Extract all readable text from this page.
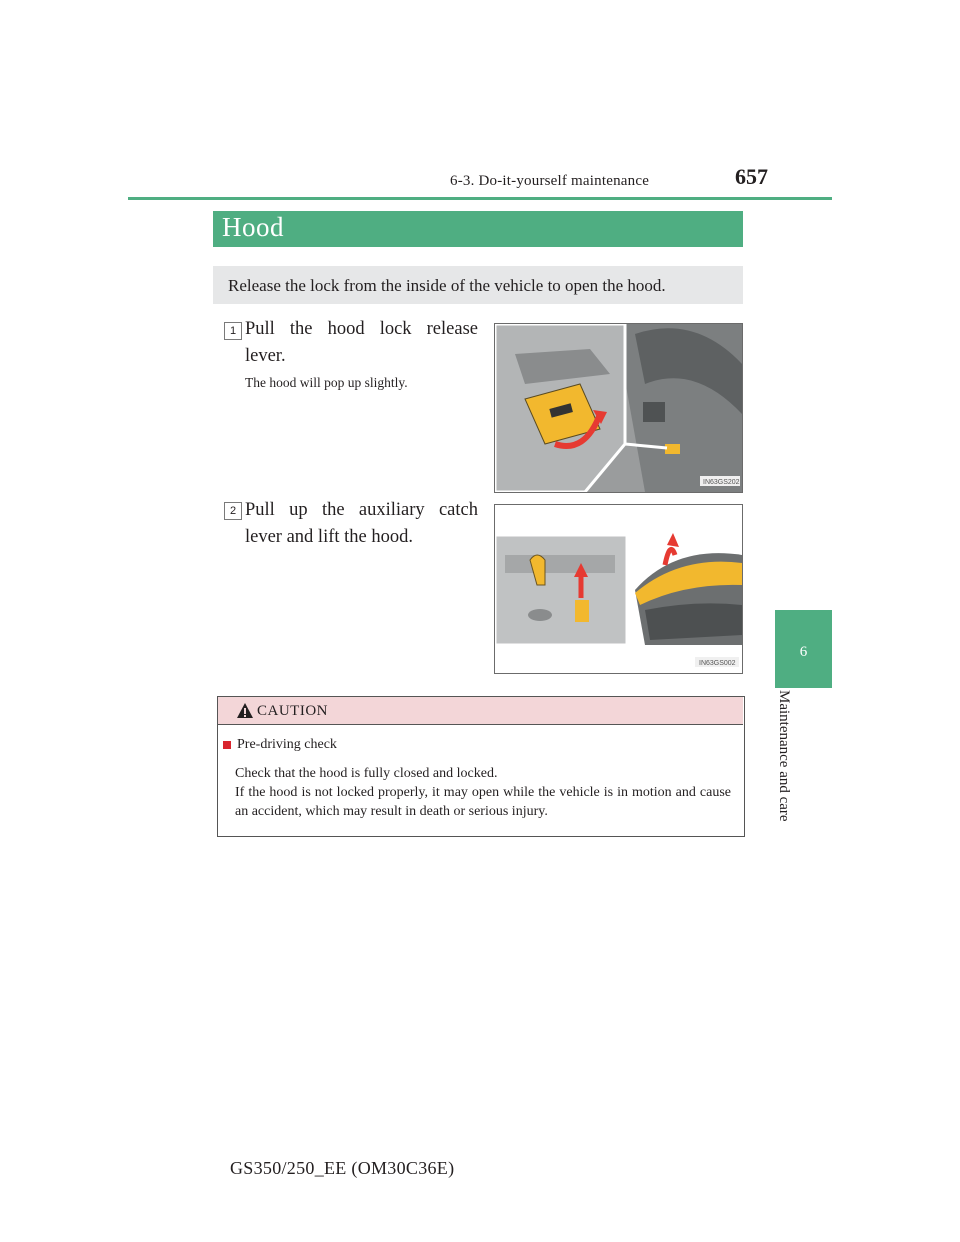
6-3. Do-it-yourself maintenance	657
6
Maintenance and care
Hood
Release the lock from the inside of the vehicle to open the hood.
1 Pull the hood lock release lever.
The hood will pop up slightly.
IN63GS202
2 Pull up the auxiliary catch lever and lift the hood.
IN63GS002
CAUTION
Pre-driving check
Check that the hood is fully closed and locked.
If the hood is not locked properly, it may open while the vehicle is in motion and cause an accident, which may result in death or serious injury.
GS350/250_EE (OM30C36E)
